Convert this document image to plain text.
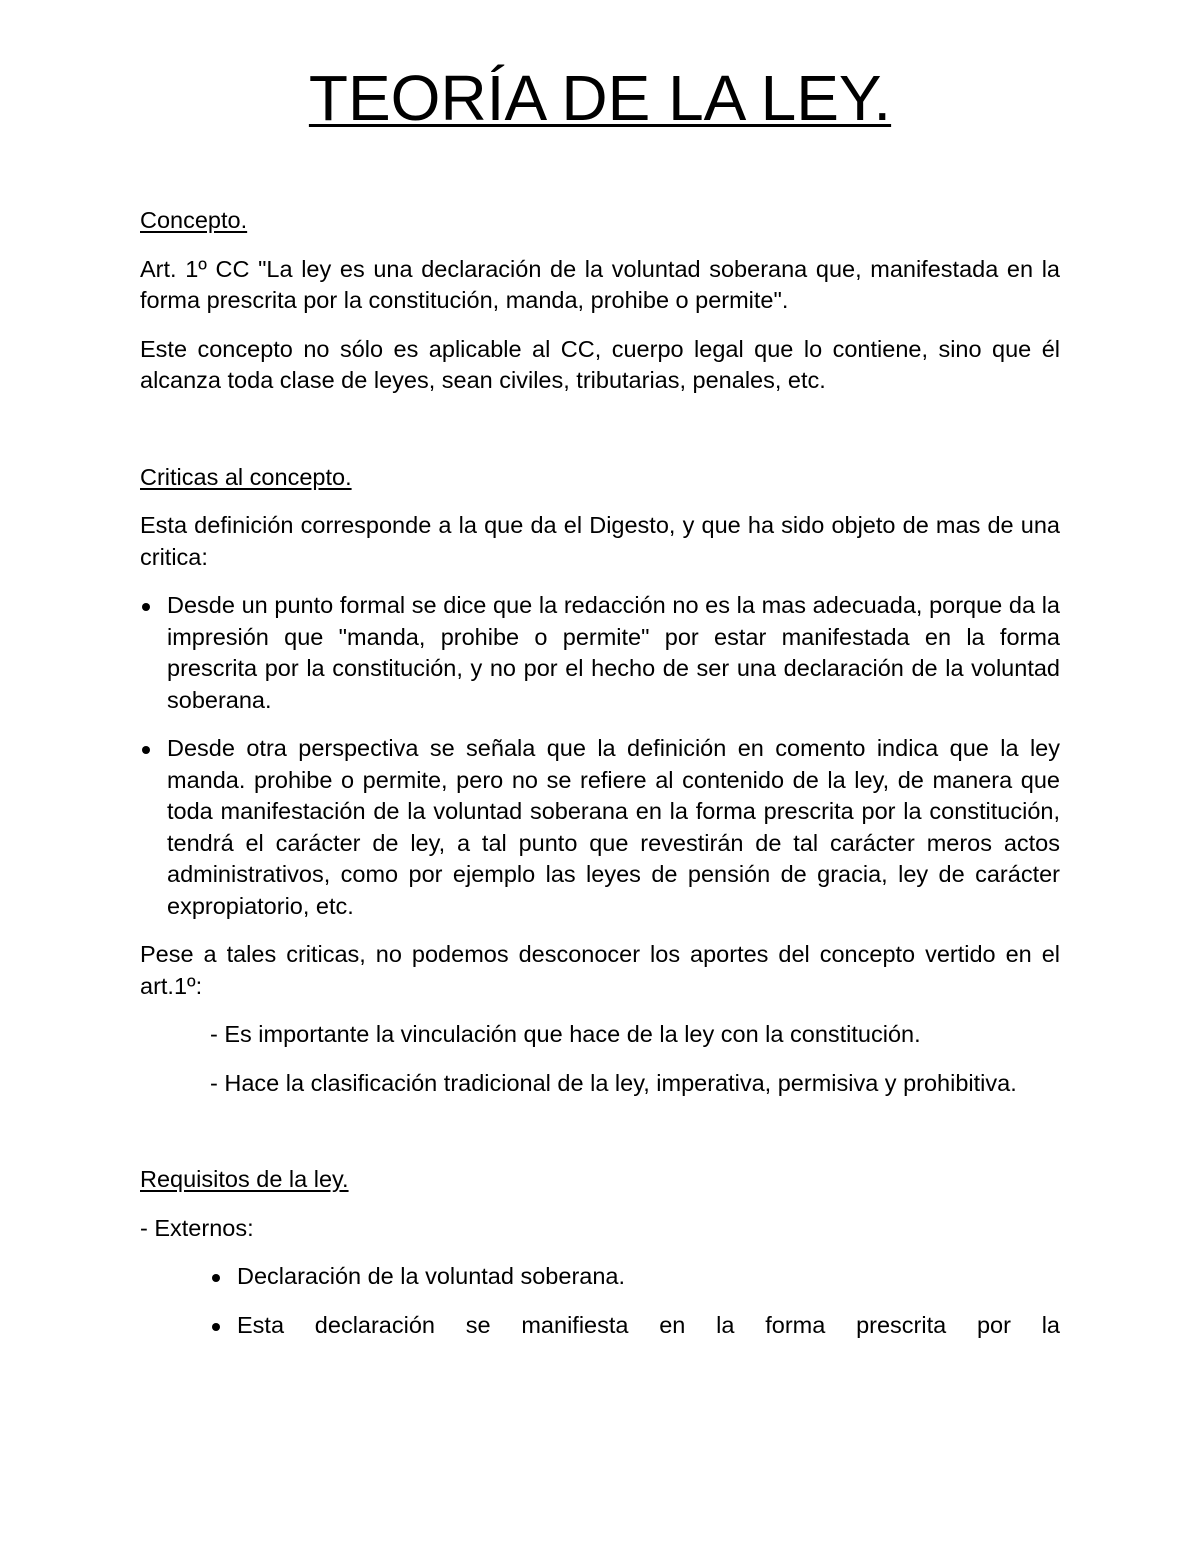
TEORÍA DE LA LEY.

Concepto.

Art. 1º CC "La ley es una declaración de la voluntad soberana que, manifestada en la forma prescrita por la constitución, manda, prohibe o permite".

Este concepto no sólo es aplicable al CC, cuerpo legal que lo contiene, sino que él alcanza toda clase de leyes, sean civiles, tributarias, penales, etc.

Criticas al concepto.

Esta definición corresponde a la que da el Digesto, y que ha sido objeto de mas de una critica:

Desde un punto formal se dice que la redacción no es la mas adecuada, porque da la impresión que "manda, prohibe o permite" por estar manifestada en la forma prescrita por la constitución, y no por el hecho de ser una declaración de la voluntad soberana.
Desde otra perspectiva se señala que la definición en comento indica que la ley manda. prohibe o permite, pero no se refiere al contenido de la ley, de manera que toda manifestación de la voluntad soberana en la forma prescrita por la constitución, tendrá el carácter de ley, a tal punto que revestirán de tal carácter meros actos administrativos, como por ejemplo las leyes de pensión de gracia, ley de carácter expropiatorio, etc.

Pese a tales criticas, no podemos desconocer los aportes del concepto vertido en el art.1º:

- Es importante la vinculación que hace de la ley con la constitución.

- Hace la clasificación tradicional de la ley, imperativa, permisiva y prohibitiva.

Requisitos de la ley.

- Externos:

Declaración de la voluntad soberana.
Esta declaración se manifiesta en la forma prescrita por la
